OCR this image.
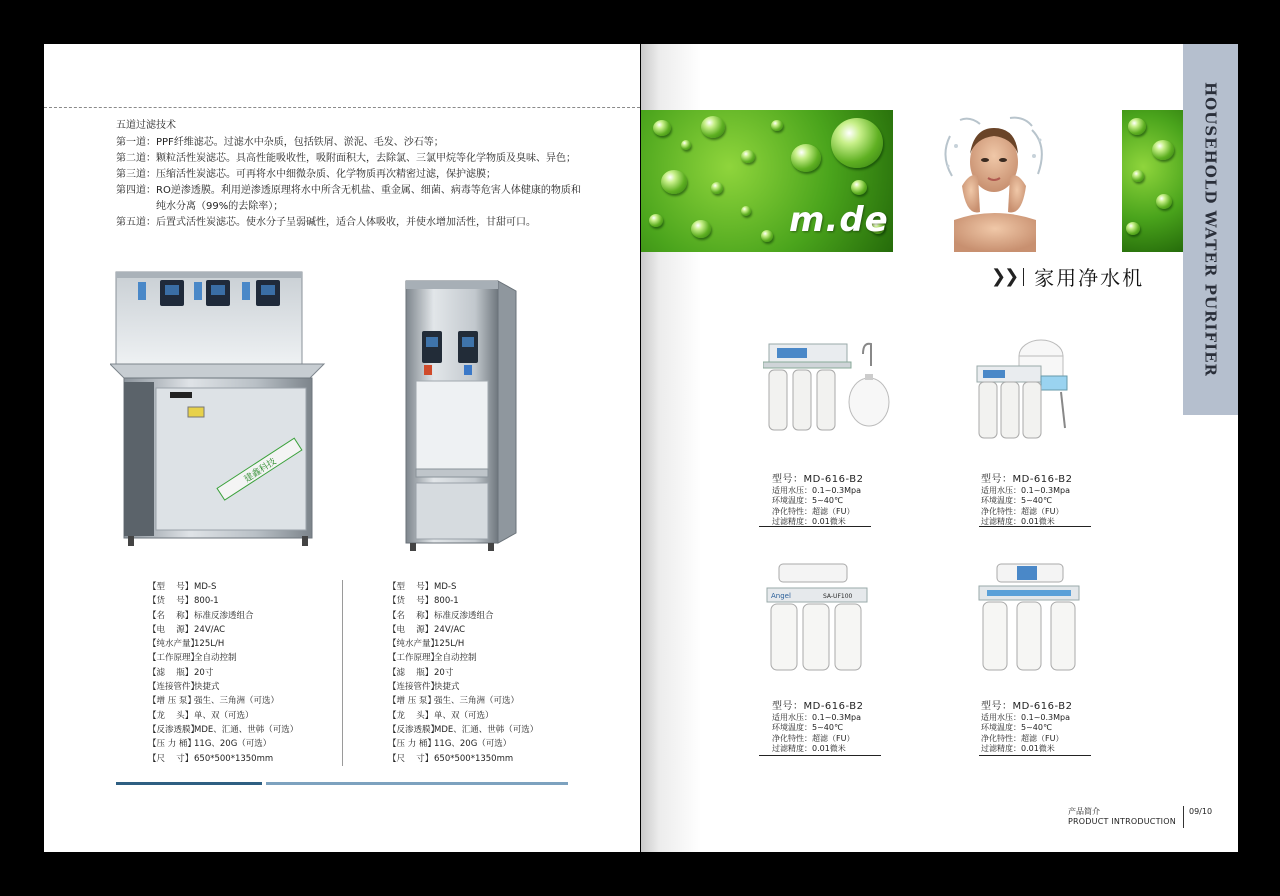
五道过滤技术
第一道： PPF纤维滤芯。过滤水中杂质，包括铁屑、淤泥、毛发、沙石等；
第二道： 颗粒活性炭滤芯。具高性能吸收性，吸附面积大，去除氯、三氯甲烷等化学物质及臭味、异色；
第三道： 压缩活性炭滤芯。可再将水中细微杂质、化学物质再次精密过滤，保护滤膜；
第四道： RO逆渗透膜。利用逆渗透原理将水中所含无机盐、重金属、细菌、病毒等危害人体健康的物质和纯水分离（99%的去除率）；
第五道： 后置式活性炭滤芯。使水分子呈弱碱性，适合人体吸收，并使水增加活性，甘甜可口。
建鑫科技
【型　 号】 MD-S
【货　 号】 800-1
【名　 称】 标准反渗透组合
【电　 源】 24V/AC
【纯水产量】
125L/H
【工作原理】
全自动控制
【滤　 瓶】 20寸
【连接管件】
快捷式
【增 压 泵】
强生、三角洲（可选）
【龙　 头】 单、双（可选）
【反渗透膜】
MDE、汇通、世韩（可选）
【压 力 桶】
11G、20G（可选）
【尺　 寸】 650*500*1350mm
【型　 号】 MD-S
【货　 号】 800-1
【名　 称】 标准反渗透组合
【电　 源】 24V/AC
【纯水产量】
125L/H
【工作原理】
全自动控制
【滤　 瓶】 20寸
【连接管件】
快捷式
【增 压 泵】
强生、三角洲（可选）
【龙　 头】 单、双（可选）
【反渗透膜】
MDE、汇通、世韩（可选）
【压 力 桶】
11G、20G（可选）
【尺　 寸】 650*500*1350mm
m.de	HOUSEHOLD WATER PURIFIER
❯❯ 家用净水机
型号：MD-616-B2
适用水压：0.1~0.3Mpa
环境温度：5~40℃
净化特性：超滤（FU）
过滤精度：0.01微米
型号：MD-616-B2
适用水压：0.1~0.3Mpa
环境温度：5~40℃
净化特性：超滤（FU）
过滤精度：0.01微米
Angel	SA-UF100
型号：MD-616-B2
适用水压：0.1~0.3Mpa
环境温度：5~40℃
净化特性：超滤（FU）
过滤精度：0.01微米
型号：MD-616-B2
适用水压：0.1~0.3Mpa
环境温度：5~40℃
净化特性：超滤（FU）
过滤精度：0.01微米
产品简介
PRODUCT INTRODUCTION
09/10
